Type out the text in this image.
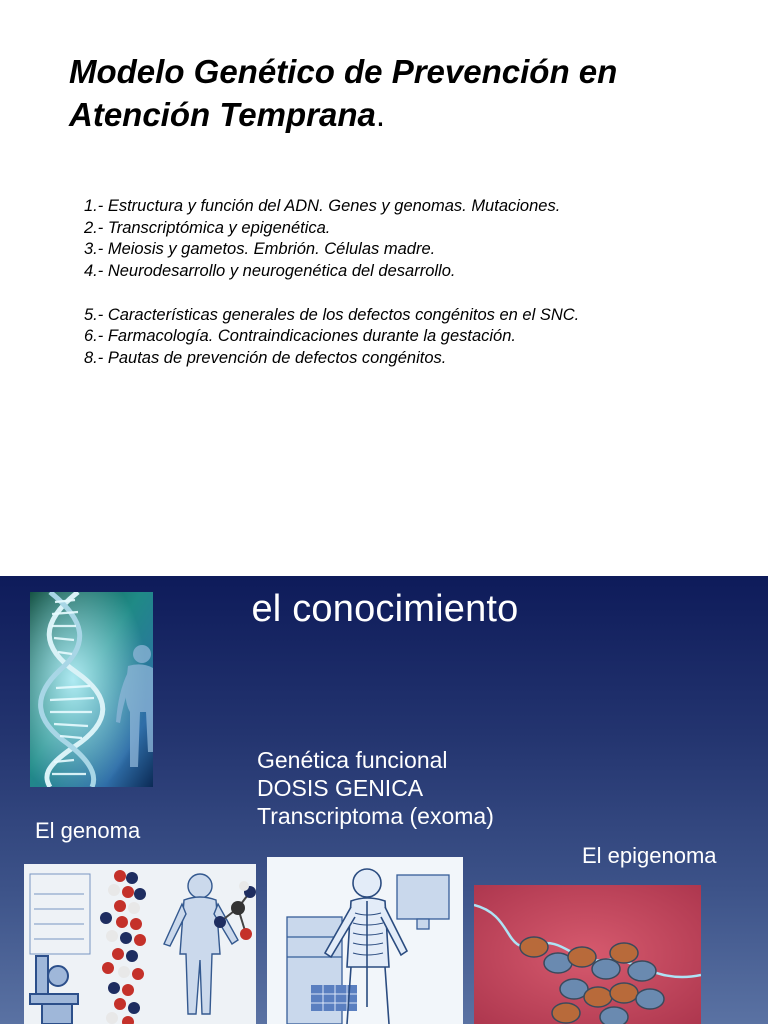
Modelo Genético de Prevención en Atención Temprana.
1.- Estructura y función del ADN. Genes y genomas. Mutaciones.
2.- Transcriptómica y epigenética.
3.- Meiosis y gametos. Embrión. Células madre.
4.- Neurodesarrollo y neurogenética del desarrollo.
5.- Características generales de los defectos congénitos en el SNC.
6.- Farmacología. Contraindicaciones durante la gestación.
8.- Pautas de prevención de defectos congénitos.
el conocimiento
Genética funcional
DOSIS GENICA
Transcriptoma (exoma)
El genoma
El epigenoma
